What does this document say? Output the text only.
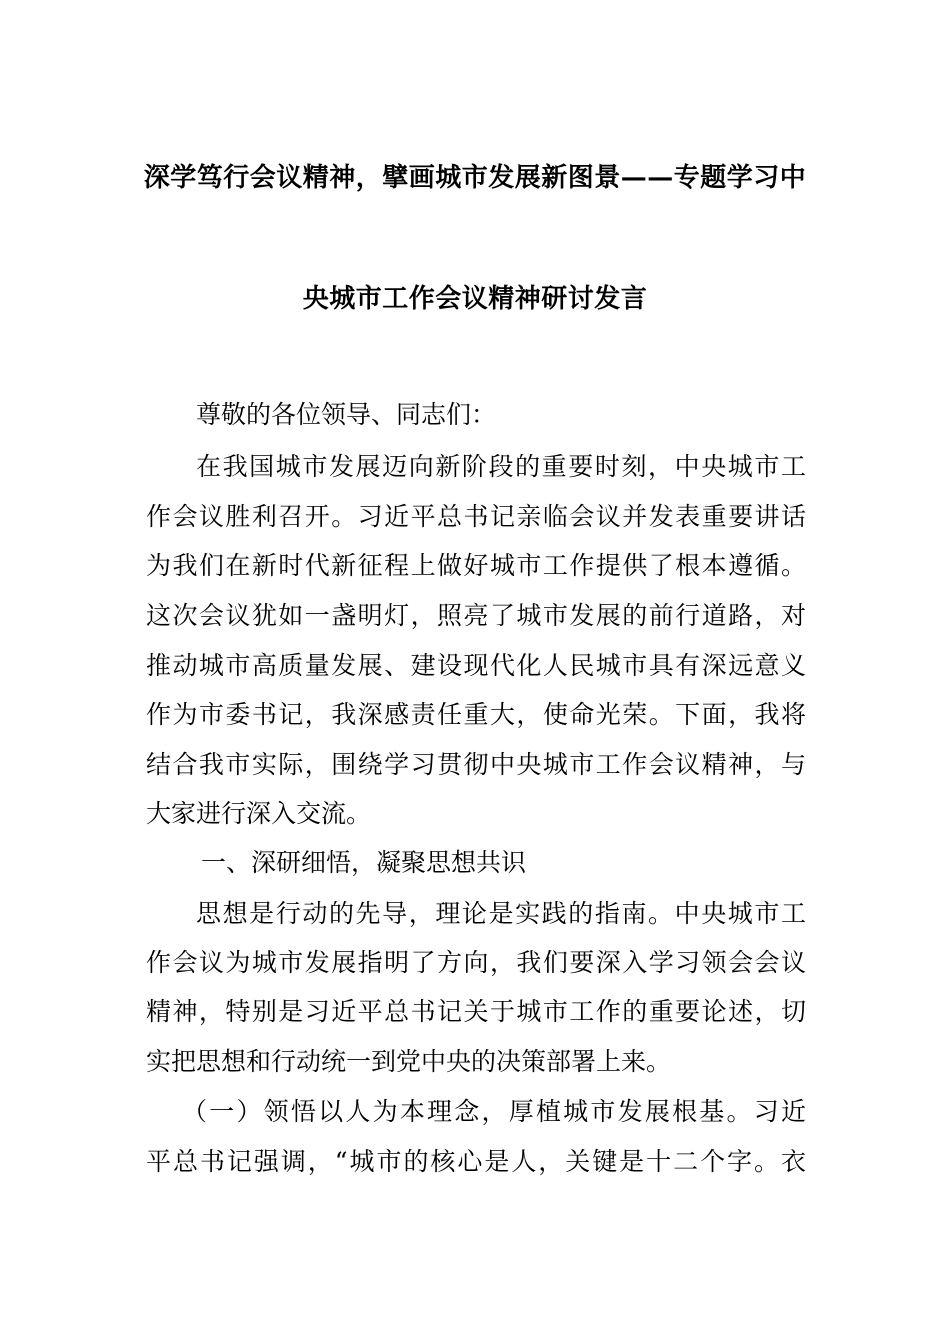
深学笃行会议精神，擘画城市发展新图景——专题学习中
央城市工作会议精神研讨发言
尊敬的各位领导、同志们：
在我国城市发展迈向新阶段的重要时刻，中央城市工
作会议胜利召开。习近平总书记亲临会议并发表重要讲话
为我们在新时代新征程上做好城市工作提供了根本遵循。
这次会议犹如一盏明灯，照亮了城市发展的前行道路，对
推动城市高质量发展、建设现代化人民城市具有深远意义
作为市委书记，我深感责任重大，使命光荣。下面，我将
结合我市实际，围绕学习贯彻中央城市工作会议精神，与
大家进行深入交流。
一、深研细悟，凝聚思想共识
思想是行动的先导，理论是实践的指南。中央城市工
作会议为城市发展指明了方向，我们要深入学习领会会议
精神，特别是习近平总书记关于城市工作的重要论述，切
实把思想和行动统一到党中央的决策部署上来。
（一）领悟以人为本理念，厚植城市发展根基。习近
平总书记强调，“城市的核心是人，关键是十二个字。衣
